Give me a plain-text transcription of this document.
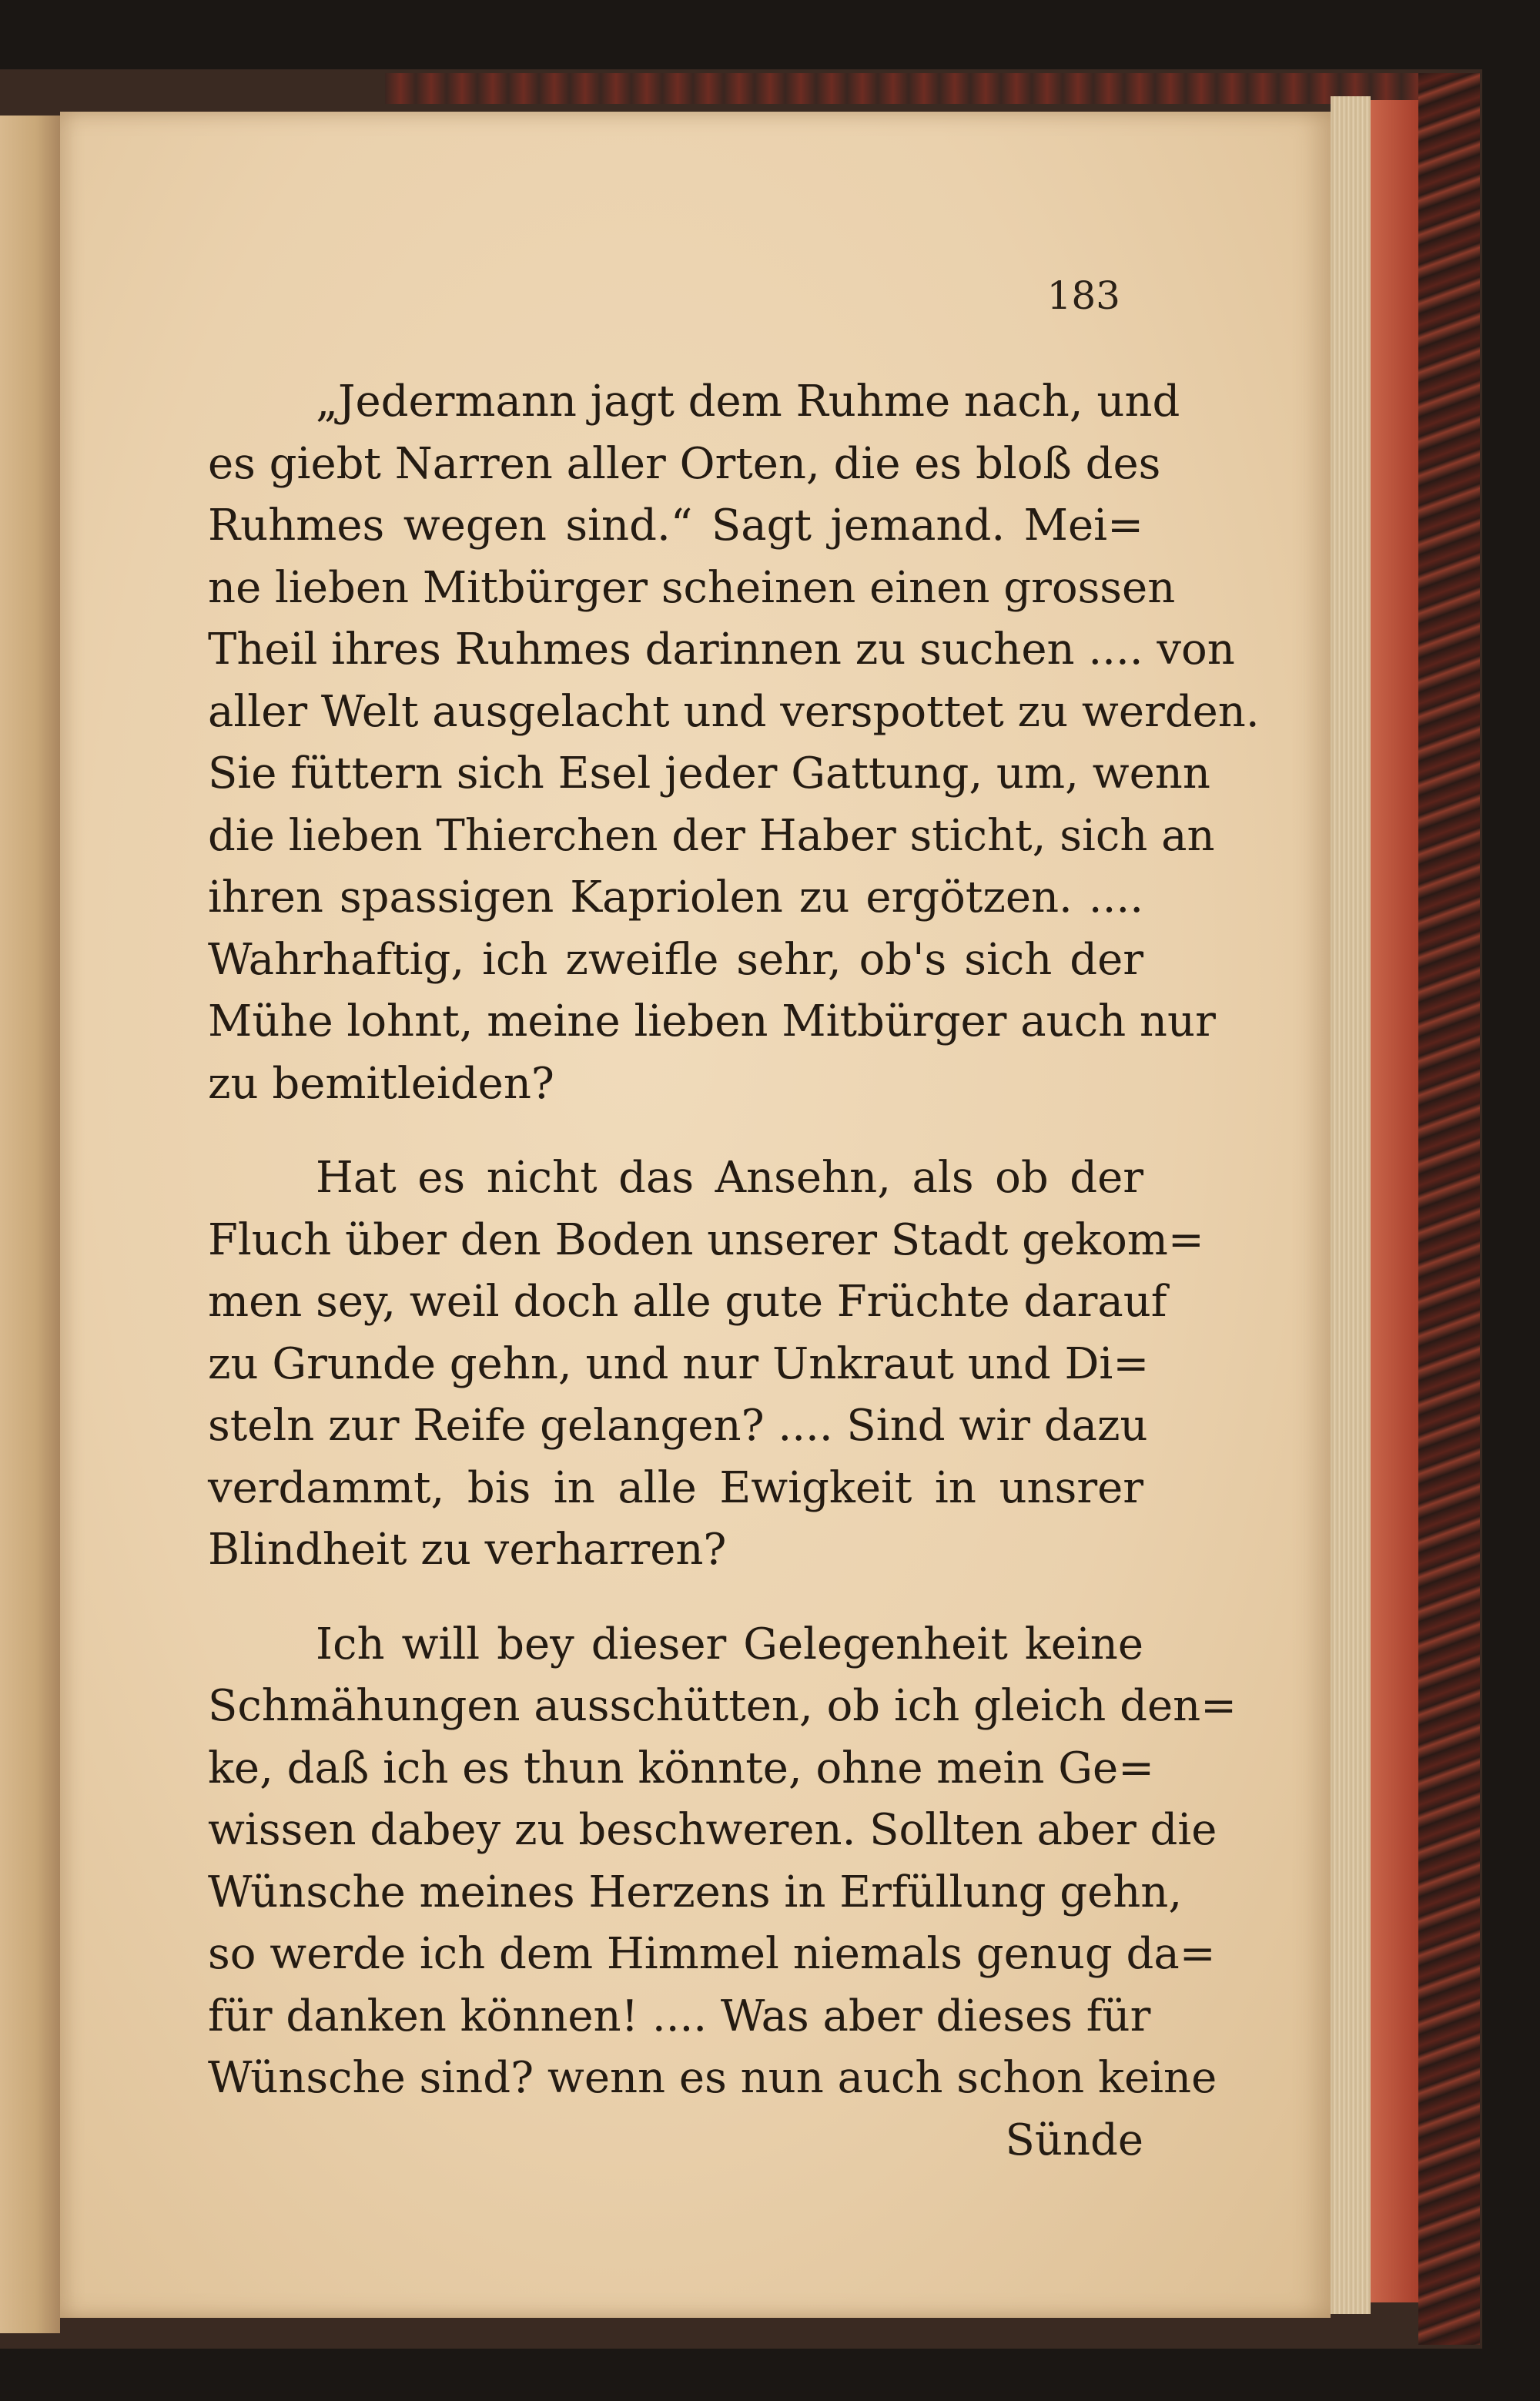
183
„Jedermann jagt dem Ruhme nach, und
es giebt Narren aller Orten, die es bloß des
Ruhmes wegen sind.“ Sagt jemand. Mei=
ne lieben Mitbürger scheinen einen grossen
Theil ihres Ruhmes darinnen zu suchen .... von
aller Welt ausgelacht und verspottet zu werden.
Sie füttern sich Esel jeder Gattung, um, wenn
die lieben Thierchen der Haber sticht, sich an
ihren spassigen Kapriolen zu ergötzen. ....
Wahrhaftig, ich zweifle sehr, ob's sich der
Mühe lohnt, meine lieben Mitbürger auch nur
zu bemitleiden?
Hat es nicht das Ansehn, als ob der
Fluch über den Boden unserer Stadt gekom=
men sey, weil doch alle gute Früchte darauf
zu Grunde gehn, und nur Unkraut und Di=
steln zur Reife gelangen? .... Sind wir dazu
verdammt, bis in alle Ewigkeit in unsrer
Blindheit zu verharren?
Ich will bey dieser Gelegenheit keine
Schmähungen ausschütten, ob ich gleich den=
ke, daß ich es thun könnte, ohne mein Ge=
wissen dabey zu beschweren. Sollten aber die
Wünsche meines Herzens in Erfüllung gehn,
so werde ich dem Himmel niemals genug da=
für danken können! .... Was aber dieses für
Wünsche sind? wenn es nun auch schon keine
Sünde
